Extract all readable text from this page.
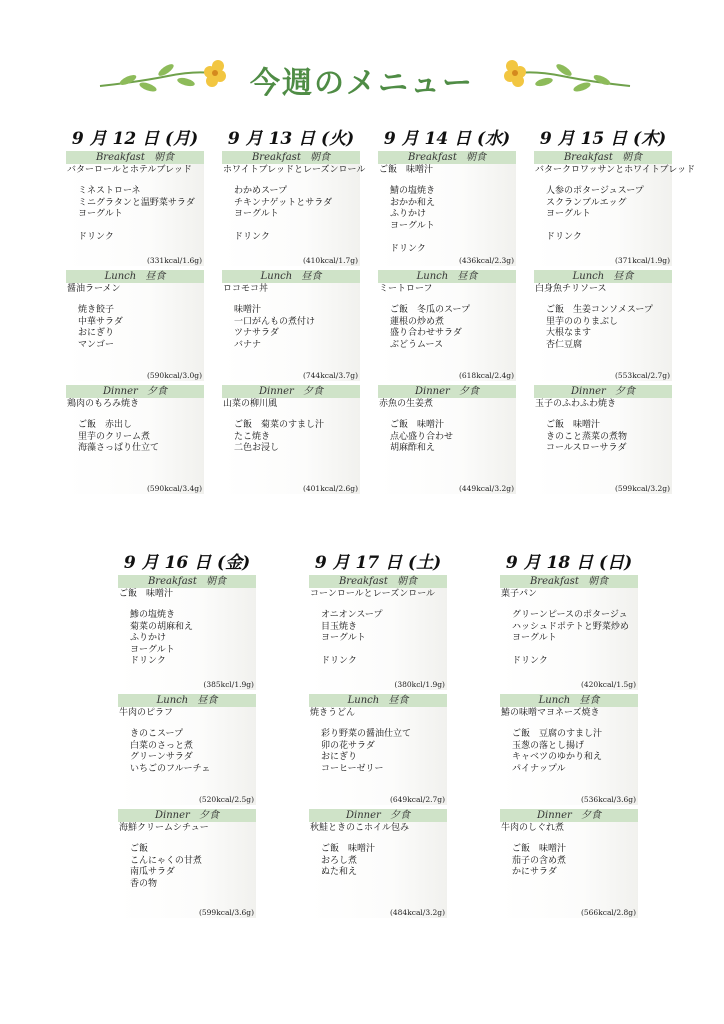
今週のメニュー
9 月 12 日 (月)
Breakfast 朝食
バターロールとホテルブレッド
ミネストローネ
ミニグラタンと温野菜サラダ
ヨーグルト
ドリンク
(331kcal/1.6g)
Lunch 昼食
醤油ラーメン
焼き餃子
中華サラダ
おにぎり
マンゴー
(590kcal/3.0g)
Dinner 夕食
鶏肉のもろみ焼き
ご飯　赤出し
里芋のクリーム煮
海藻さっぱり仕立て
(590kcal/3.4g)
9 月 13 日 (火)
Breakfast 朝食
ホワイトブレッドとレーズンロール
わかめスープ
チキンナゲットとサラダ
ヨーグルト
ドリンク
(410kcal/1.7g)
Lunch 昼食
ロコモコ丼
味噌汁
一口がんもの煮付け
ツナサラダ
バナナ
(744kcal/3.7g)
Dinner 夕食
山菜の柳川風
ご飯　菊菜のすまし汁
たこ焼き
二色お浸し
(401kcal/2.6g)
9 月 14 日 (水)
Breakfast 朝食
ご飯　味噌汁
鯖の塩焼き
おかか和え
ふりかけ
ヨーグルト
ドリンク
(436kcal/2.3g)
Lunch 昼食
ミートローフ
ご飯　冬瓜のスープ
蓮根の炒め煮
盛り合わせサラダ
ぶどうムース
(618kcal/2.4g)
Dinner 夕食
赤魚の生姜煮
ご飯　味噌汁
点心盛り合わせ
胡麻酢和え
(449kcal/3.2g)
9 月 15 日 (木)
Breakfast 朝食
バタークロワッサンとホワイトブレッド
人参のポタージュスープ
スクランブルエッグ
ヨーグルト
ドリンク
(371kcal/1.9g)
Lunch 昼食
白身魚チリソース
ご飯　生姜コンソメスープ
里芋ののりまぶし
大根なます
杏仁豆腐
(553kcal/2.7g)
Dinner 夕食
玉子のふわふわ焼き
ご飯　味噌汁
きのこと蒸菜の煮物
コールスローサラダ
(599kcal/3.2g)
9 月 16 日 (金)
Breakfast 朝食
ご飯　味噌汁
鯵の塩焼き
菊菜の胡麻和え
ふりかけ
ヨーグルト
ドリンク
(385kcl/1.9g)
Lunch 昼食
牛肉のピラフ
きのこスープ
白菜のさっと煮
グリーンサラダ
いちごのフルーチェ
(520kcal/2.5g)
Dinner 夕食
海鮮クリームシチュー
ご飯
こんにゃくの甘煮
南瓜サラダ
香の物
(599kcal/3.6g)
9 月 17 日 (土)
Breakfast 朝食
コーンロールとレーズンロール
オニオンスープ
目玉焼き
ヨーグルト
ドリンク
(380kcl/1.9g)
Lunch 昼食
焼きうどん
彩り野菜の醤油仕立て
卯の花サラダ
おにぎり
コーヒーゼリー
(649kcal/2.7g)
Dinner 夕食
秋鮭ときのこホイル包み
ご飯　味噌汁
おろし煮
ぬた和え
(484kcal/3.2g)
9 月 18 日 (日)
Breakfast 朝食
菓子パン
グリーンピースのポタージュ
ハッシュドポテトと野菜炒め
ヨーグルト
ドリンク
(420kcal/1.5g)
Lunch 昼食
鰆の味噌マヨネーズ焼き
ご飯　豆腐のすまし汁
玉葱の落とし揚げ
キャベツのゆかり和え
パイナップル
(536kcal/3.6g)
Dinner 夕食
牛肉のしぐれ煮
ご飯　味噌汁
茄子の含め煮
かにサラダ
(566kcal/2.8g)
